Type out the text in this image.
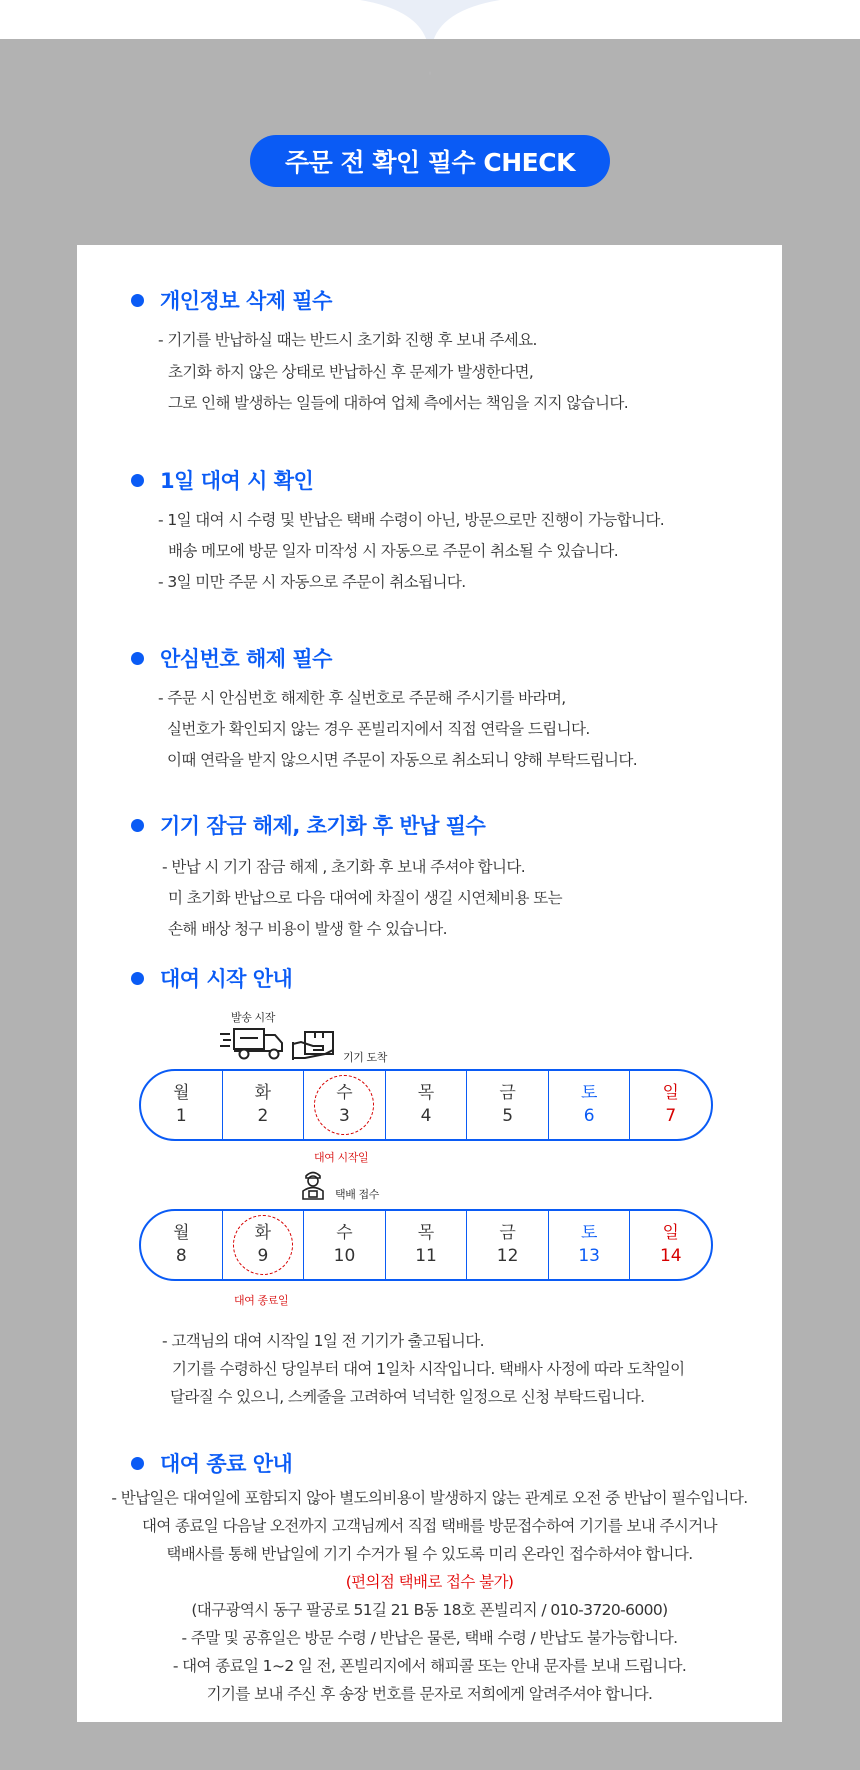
주문 전 확인 필수 CHECK
개인정보 삭제 필수
- 기기를 반납하실 때는 반드시 초기화 진행 후 보내 주세요.
초기화 하지 않은 상태로 반납하신 후 문제가 발생한다면,
그로 인해 발생하는 일들에 대하여 업체 측에서는 책임을 지지 않습니다.
1일 대여 시 확인
- 1일 대여 시 수령 및 반납은 택배 수령이 아닌, 방문으로만 진행이 가능합니다.
배송 메모에 방문 일자 미작성 시 자동으로 주문이 취소될 수 있습니다.
- 3일 미만 주문 시 자동으로 주문이 취소됩니다.
안심번호 해제 필수
- 주문 시 안심번호 해제한 후 실번호로 주문해 주시기를 바라며,
실번호가 확인되지 않는 경우 폰빌리지에서 직접 연락을 드립니다.
이때 연락을 받지 않으시면 주문이 자동으로 취소되니 양해 부탁드립니다.
기기 잠금 해제, 초기화 후 반납 필수
- 반납 시 기기 잠금 해제 , 초기화 후 보내 주셔야 합니다.
미 초기화 반납으로 다음 대여에 차질이 생길 시연체비용 또는
손해 배상 청구 비용이 발생 할 수 있습니다.
대여 시작 안내
발송 시작
기기 도착
월
1
화
2
수
3
목
4
금
5
토
6
일
7
대여 시작일
택배 접수
월
8
화
9
수
10
목
11
금
12
토
13
일
14
대여 종료일
- 고객님의 대여 시작일 1일 전 기기가 출고됩니다.
기기를 수령하신 당일부터 대여 1일차 시작입니다. 택배사 사정에 따라 도착일이
달라질 수 있으니, 스케줄을 고려하여 넉넉한 일정으로 신청 부탁드립니다.
대여 종료 안내
- 반납일은 대여일에 포함되지 않아 별도의비용이 발생하지 않는 관계로 오전 중 반납이 필수입니다.
대여 종료일 다음날 오전까지 고객님께서 직접 택배를 방문접수하여 기기를 보내 주시거나
택배사를 통해 반납일에 기기 수거가 될 수 있도록 미리 온라인 접수하셔야 합니다.
(편의점 택배로 접수 불가)
(대구광역시 동구 팔공로 51길 21 B동 18호 폰빌리지 / 010-3720-6000)
- 주말 및 공휴일은 방문 수령 / 반납은 물론, 택배 수령 / 반납도 불가능합니다.
- 대여 종료일 1~2 일 전, 폰빌리지에서 해피콜 또는 안내 문자를 보내 드립니다.
기기를 보내 주신 후 송장 번호를 문자로 저희에게 알려주셔야 합니다.
